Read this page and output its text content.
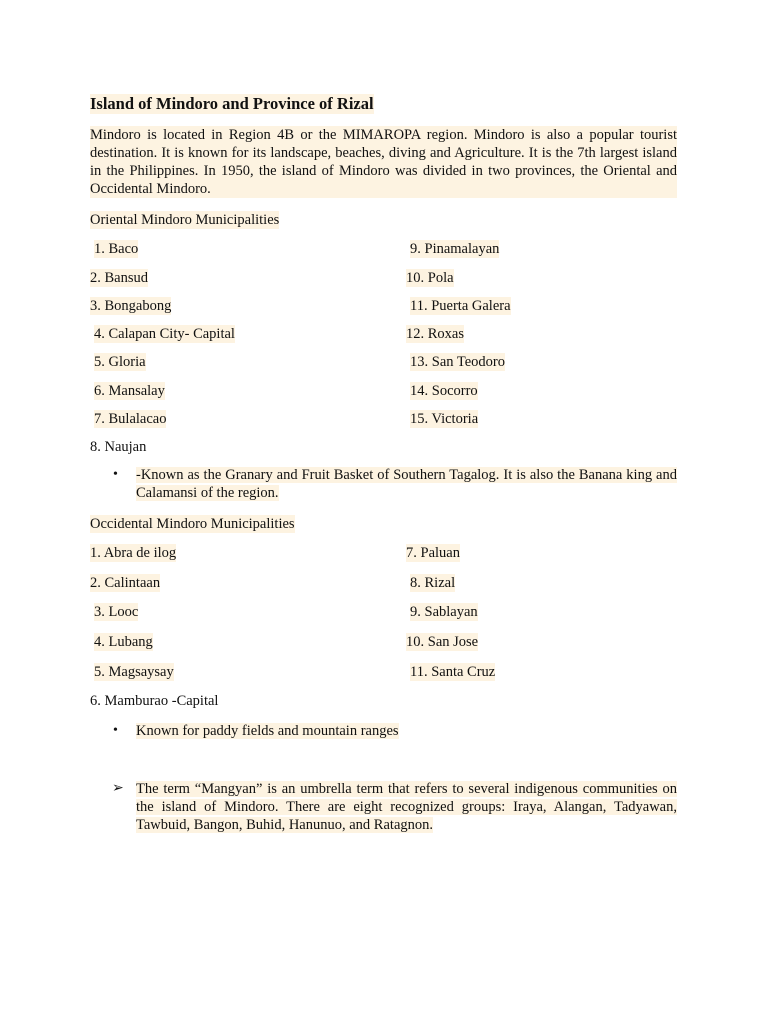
Island of Mindoro and Province of Rizal
Mindoro is located in Region 4B or the MIMAROPA region. Mindoro is also a popular tourist destination. It is known for its landscape, beaches, diving and Agriculture. It is the 7th largest island in the Philippines. In 1950, the island of Mindoro was divided in two provinces, the Oriental and Occidental Mindoro.
Oriental Mindoro Municipalities
1. Baco
2. Bansud
3. Bongabong
4. Calapan City- Capital
5. Gloria
6. Mansalay
7. Bulalacao
8. Naujan
9. Pinamalayan
10. Pola
11. Puerta Galera
12. Roxas
13. San Teodoro
14. Socorro
15. Victoria
• -Known as the Granary and Fruit Basket of Southern Tagalog. It is also the Banana king and Calamansi of the region.
Occidental Mindoro Municipalities
1. Abra de ilog
2. Calintaan
3. Looc
4. Lubang
5. Magsaysay
6. Mamburao -Capital
7. Paluan
8. Rizal
9. Sablayan
10. San Jose
11. Santa Cruz
• Known for paddy fields and mountain ranges
➢ The term “Mangyan” is an umbrella term that refers to several indigenous communities on the island of Mindoro. There are eight recognized groups: Iraya, Alangan, Tadyawan, Tawbuid, Bangon, Buhid, Hanunuo, and Ratagnon.
